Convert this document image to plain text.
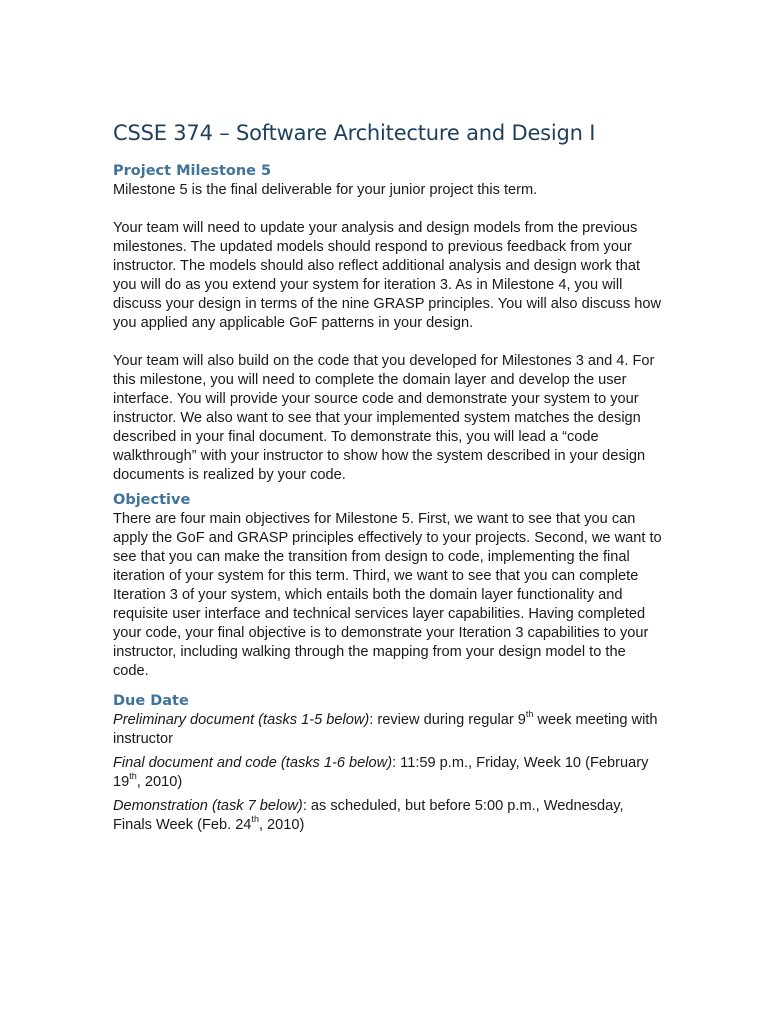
CSSE 374 – Software Architecture and Design I
Project Milestone 5

Milestone 5 is the final deliverable for your junior project this term.

Your team will need to update your analysis and design models from the previous milestones. The updated models should respond to previous feedback from your instructor. The models should also reflect additional analysis and design work that you will do as you extend your system for iteration 3. As in Milestone 4, you will discuss your design in terms of the nine GRASP principles. You will also discuss how you applied any applicable GoF patterns in your design.

Your team will also build on the code that you developed for Milestones 3 and 4. For this milestone, you will need to complete the domain layer and develop the user interface. You will provide your source code and demonstrate your system to your instructor. We also want to see that your implemented system matches the design described in your final document. To demonstrate this, you will lead a “code walkthrough” with your instructor to show how the system described in your design documents is realized by your code.

Objective

There are four main objectives for Milestone 5. First, we want to see that you can apply the GoF and GRASP principles effectively to your projects. Second, we want to see that you can make the transition from design to code, implementing the final iteration of your system for this term. Third, we want to see that you can complete Iteration 3 of your system, which entails both the domain layer functionality and requisite user interface and technical services layer capabilities. Having completed your code, your final objective is to demonstrate your Iteration 3 capabilities to your instructor, including walking through the mapping from your design model to the code.

Due Date

Preliminary document (tasks 1-5 below): review during regular 9th week meeting with instructor

Final document and code (tasks 1-6 below): 11:59 p.m., Friday, Week 10 (February 19th, 2010)

Demonstration (task 7 below): as scheduled, but before 5:00 p.m., Wednesday, Finals Week (Feb. 24th, 2010)
